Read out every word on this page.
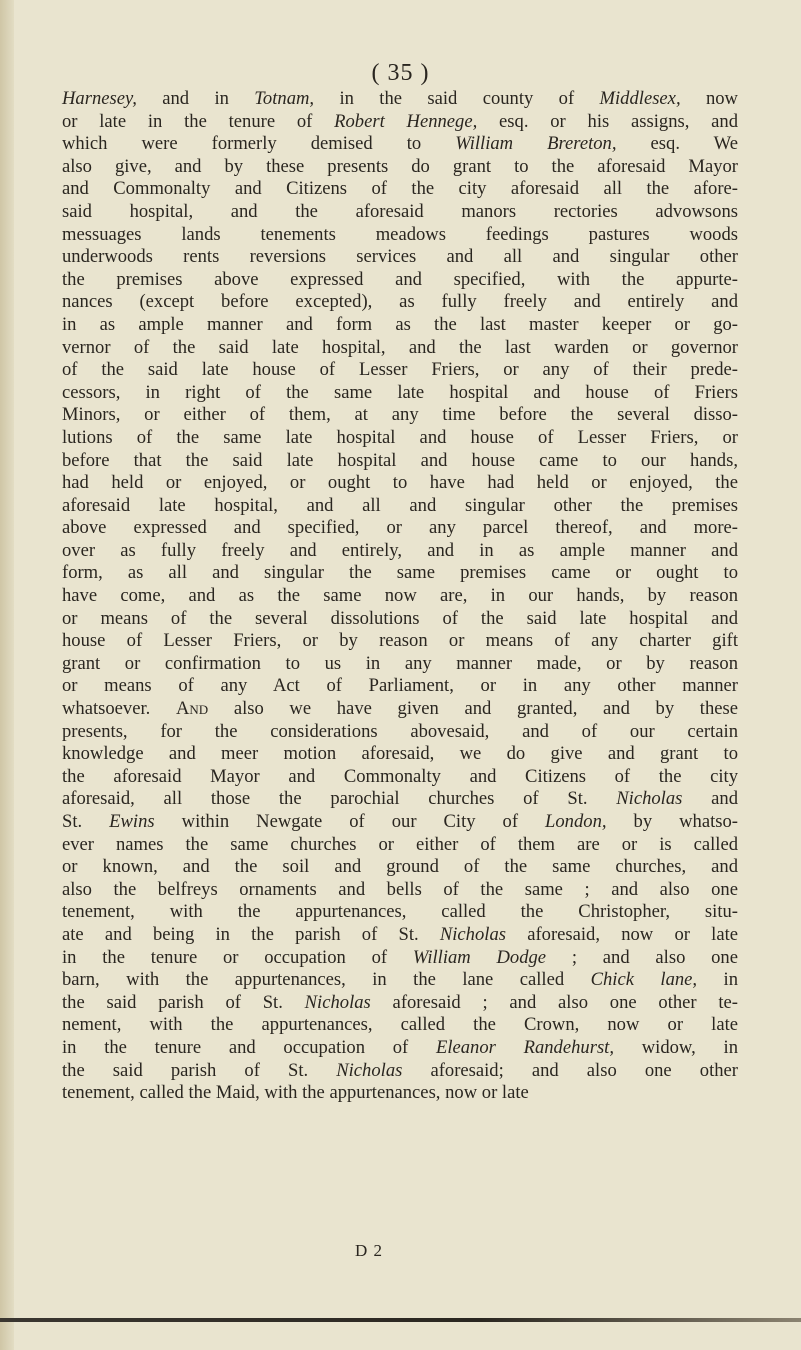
( 35 )
Harnesey, and in Totnam, in the said county of Middlesex, now
or late in the tenure of Robert Hennege, esq. or his assigns, and
which were formerly demised to William Brereton, esq. We
also give, and by these presents do grant to the aforesaid Mayor
and Commonalty and Citizens of the city aforesaid all the afore-
said hospital, and the aforesaid manors rectories advowsons
messuages lands tenements meadows feedings pastures woods
underwoods rents reversions services and all and singular other
the premises above expressed and specified, with the appurte-
nances (except before excepted), as fully freely and entirely and
in as ample manner and form as the last master keeper or go-
vernor of the said late hospital, and the last warden or governor
of the said late house of Lesser Friers, or any of their prede-
cessors, in right of the same late hospital and house of Friers
Minors, or either of them, at any time before the several disso-
lutions of the same late hospital and house of Lesser Friers, or
before that the said late hospital and house came to our hands,
had held or enjoyed, or ought to have had held or enjoyed, the
aforesaid late hospital, and all and singular other the premises
above expressed and specified, or any parcel thereof, and more-
over as fully freely and entirely, and in as ample manner and
form, as all and singular the same premises came or ought to
have come, and as the same now are, in our hands, by reason
or means of the several dissolutions of the said late hospital and
house of Lesser Friers, or by reason or means of any charter gift
grant or confirmation to us in any manner made, or by reason
or means of any Act of Parliament, or in any other manner
whatsoever. And also we have given and granted, and by these
presents, for the considerations abovesaid, and of our certain
knowledge and meer motion aforesaid, we do give and grant to
the aforesaid Mayor and Commonalty and Citizens of the city
aforesaid, all those the parochial churches of St. Nicholas and
St. Ewins within Newgate of our City of London, by whatso-
ever names the same churches or either of them are or is called
or known, and the soil and ground of the same churches, and
also the belfreys ornaments and bells of the same ; and also one
tenement, with the appurtenances, called the Christopher, situ-
ate and being in the parish of St. Nicholas aforesaid, now or late
in the tenure or occupation of William Dodge ; and also one
barn, with the appurtenances, in the lane called Chick lane, in
the said parish of St. Nicholas aforesaid ; and also one other te-
nement, with the appurtenances, called the Crown, now or late
in the tenure and occupation of Eleanor Randehurst, widow, in
the said parish of St. Nicholas aforesaid; and also one other
tenement, called the Maid, with the appurtenances, now or late
D 2
